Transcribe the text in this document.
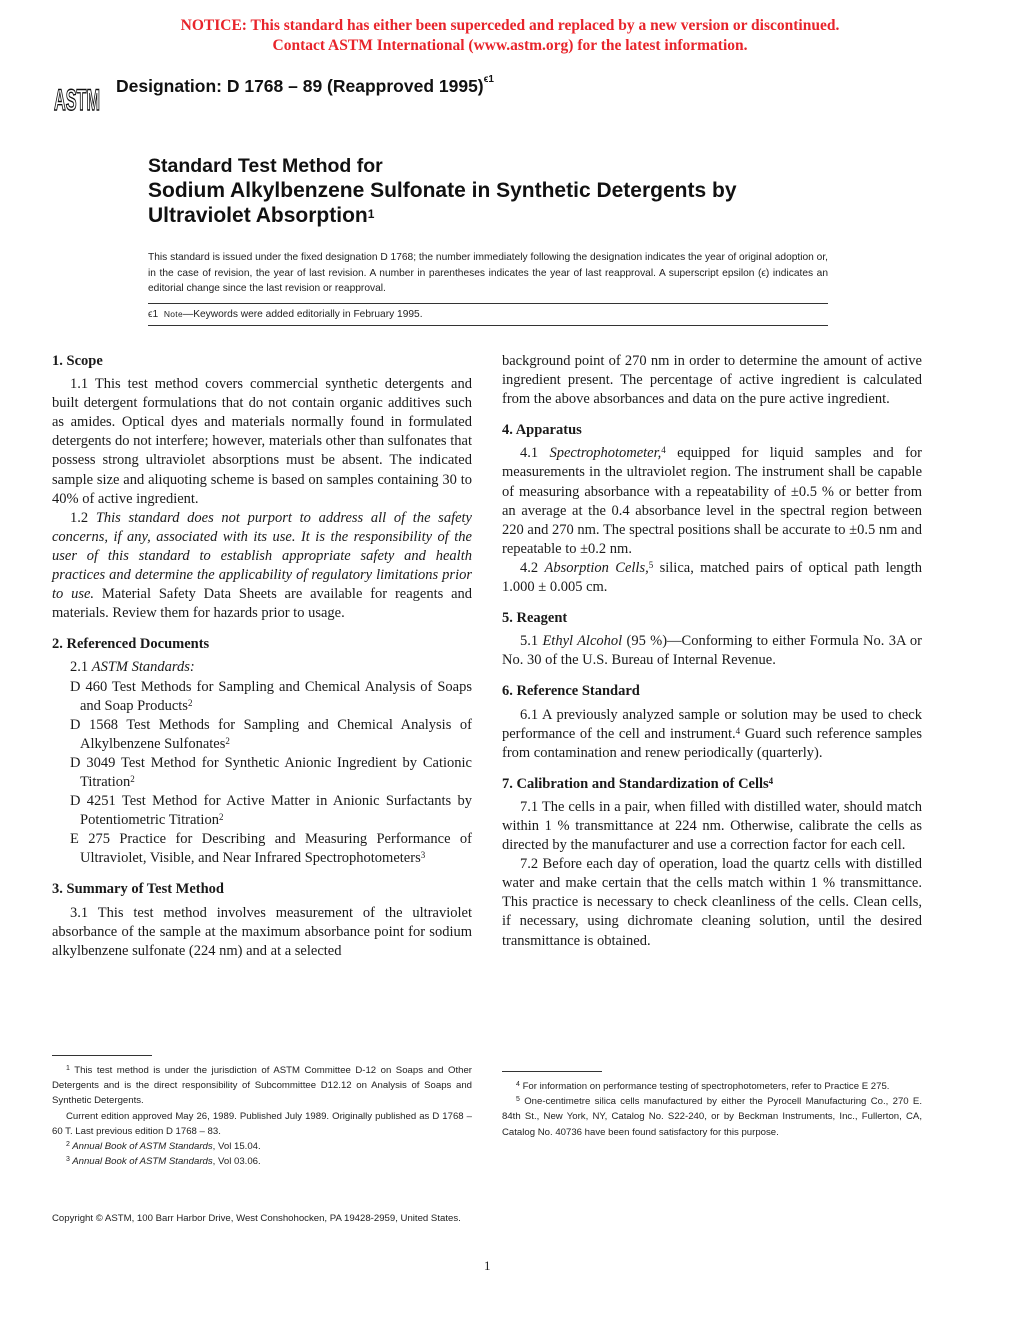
NOTICE: This standard has either been superceded and replaced by a new version or discontinued.
Contact ASTM International (www.astm.org) for the latest information.
ASTM Designation: D 1768 – 89 (Reapproved 1995)$^{\epsilon 1}$
Standard Test Method for
Sodium Alkylbenzene Sulfonate in Synthetic Detergents by
Ultraviolet Absorption$^1$
This standard is issued under the fixed designation D 1768; the number immediately following the designation indicates the year of original adoption or, in the case of revision, the year of last revision. A number in parentheses indicates the year of last reapproval. A superscript epsilon (ϵ) indicates an editorial change since the last revision or reapproval.
ϵ1 Note—Keywords were added editorially in February 1995.
1. Scope

1.1 This test method covers commercial synthetic detergents and built detergent formulations that do not contain organic additives such as amides. Optical dyes and materials normally found in formulated detergents do not interfere; however, materials other than sulfonates that possess strong ultraviolet absorptions must be absent. The indicated sample size and aliquoting scheme is based on samples containing 30 to 40% of active ingredient.

1.2 This standard does not purport to address all of the safety concerns, if any, associated with its use. It is the responsibility of the user of this standard to establish appropriate safety and health practices and determine the applicability of regulatory limitations prior to use. Material Safety Data Sheets are available for reagents and materials. Review them for hazards prior to usage.

2. Referenced Documents

2.1 ASTM Standards:

D 460 Test Methods for Sampling and Chemical Analysis of Soaps and Soap Products$^2$
D 1568 Test Methods for Sampling and Chemical Analysis of Alkylbenzene Sulfonates$^2$
D 3049 Test Method for Synthetic Anionic Ingredient by Cationic Titration$^2$
D 4251 Test Method for Active Matter in Anionic Surfactants by Potentiometric Titration$^2$
E 275 Practice for Describing and Measuring Performance of Ultraviolet, Visible, and Near Infrared Spectrophotometers$^3$
3. Summary of Test Method

3.1 This test method involves measurement of the ultraviolet absorbance of the sample at the maximum absorbance point for sodium alkylbenzene sulfonate (224 nm) and at a selected

background point of 270 nm in order to determine the amount of active ingredient present. The percentage of active ingredient is calculated from the above absorbances and data on the pure active ingredient.

4. Apparatus

4.1 Spectrophotometer,$^4$ equipped for liquid samples and for measurements in the ultraviolet region. The instrument shall be capable of measuring absorbance with a repeatability of ±0.5 % or better from an average at the 0.4 absorbance level in the spectral region between 220 and 270 nm. The spectral positions shall be accurate to ±0.5 nm and repeatable to ±0.2 nm.

4.2 Absorption Cells,$^5$ silica, matched pairs of optical path length 1.000 ± 0.005 cm.

5. Reagent

5.1 Ethyl Alcohol (95 %)—Conforming to either Formula No. 3A or No. 30 of the U.S. Bureau of Internal Revenue.

6. Reference Standard

6.1 A previously analyzed sample or solution may be used to check performance of the cell and instrument.$^4$ Guard such reference samples from contamination and renew periodically (quarterly).

7. Calibration and Standardization of Cells$^4$

7.1 The cells in a pair, when filled with distilled water, should match within 1 % transmittance at 224 nm. Otherwise, calibrate the cells as directed by the manufacturer and use a correction factor for each cell.

7.2 Before each day of operation, load the quartz cells with distilled water and make certain that the cells match within 1 % transmittance. This practice is necessary to check cleanliness of the cells. Clean cells, if necessary, using dichromate cleaning solution, until the desired transmittance is obtained.

$^1$ This test method is under the jurisdiction of ASTM Committee D-12 on Soaps and Other Detergents and is the direct responsibility of Subcommittee D12.12 on Analysis of Soaps and Synthetic Detergents.

Current edition approved May 26, 1989. Published July 1989. Originally published as D 1768 – 60 T. Last previous edition D 1768 – 83.

$^2$ Annual Book of ASTM Standards, Vol 15.04.

$^3$ Annual Book of ASTM Standards, Vol 03.06.

$^4$ For information on performance testing of spectrophotometers, refer to Practice E 275.

$^5$ One-centimetre silica cells manufactured by either the Pyrocell Manufacturing Co., 270 E. 84th St., New York, NY, Catalog No. S22-240, or by Beckman Instruments, Inc., Fullerton, CA, Catalog No. 40736 have been found satisfactory for this purpose.

Copyright © ASTM, 100 Barr Harbor Drive, West Conshohocken, PA 19428-2959, United States.
1
